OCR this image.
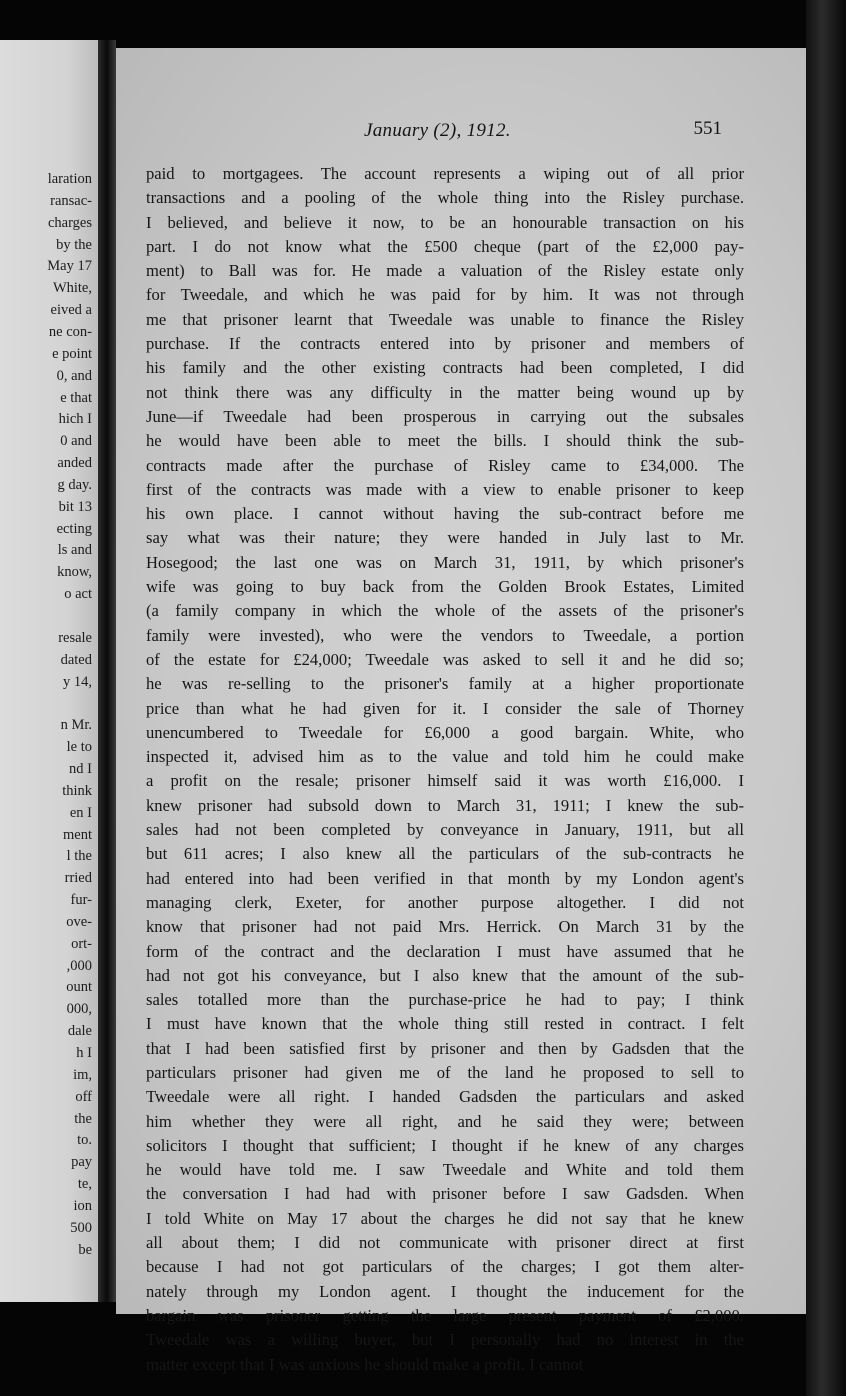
laration
ransac-
charges
by the
May 17
White,
eived a
ne con-
e point
0, and
e that
hich I
0 and
anded
g day.
bit 13
ecting
ls and
know,
o act
resale
dated
y 14,
n Mr.
le to
nd I
think
en I
ment
l the
rried
fur-
ove-
ort-
,000
ount
000,
dale
h I
im,
off
the
to.
pay
te,
ion
500
be
January (2), 1912.	551
paid to mortgagees. The account represents a wiping out of all prior
transactions and a pooling of the whole thing into the Risley purchase.
I believed, and believe it now, to be an honourable transaction on his
part. I do not know what the £500 cheque (part of the £2,000 pay-
ment) to Ball was for. He made a valuation of the Risley estate only
for Tweedale, and which he was paid for by him. It was not through
me that prisoner learnt that Tweedale was unable to finance the Risley
purchase. If the contracts entered into by prisoner and members of
his family and the other existing contracts had been completed, I did
not think there was any difficulty in the matter being wound up by
June—if Tweedale had been prosperous in carrying out the subsales
he would have been able to meet the bills. I should think the sub-
contracts made after the purchase of Risley came to £34,000. The
first of the contracts was made with a view to enable prisoner to keep
his own place. I cannot without having the sub-contract before me
say what was their nature; they were handed in July last to Mr.
Hosegood; the last one was on March 31, 1911, by which prisoner's
wife was going to buy back from the Golden Brook Estates, Limited
(a family company in which the whole of the assets of the prisoner's
family were invested), who were the vendors to Tweedale, a portion
of the estate for £24,000; Tweedale was asked to sell it and he did so;
he was re-selling to the prisoner's family at a higher proportionate
price than what he had given for it. I consider the sale of Thorney
unencumbered to Tweedale for £6,000 a good bargain. White, who
inspected it, advised him as to the value and told him he could make
a profit on the resale; prisoner himself said it was worth £16,000. I
knew prisoner had subsold down to March 31, 1911; I knew the sub-
sales had not been completed by conveyance in January, 1911, but all
but 611 acres; I also knew all the particulars of the sub-contracts he
had entered into had been verified in that month by my London agent's
managing clerk, Exeter, for another purpose altogether. I did not
know that prisoner had not paid Mrs. Herrick. On March 31 by the
form of the contract and the declaration I must have assumed that he
had not got his conveyance, but I also knew that the amount of the sub-
sales totalled more than the purchase-price he had to pay; I think
I must have known that the whole thing still rested in contract. I felt
that I had been satisfied first by prisoner and then by Gadsden that the
particulars prisoner had given me of the land he proposed to sell to
Tweedale were all right. I handed Gadsden the particulars and asked
him whether they were all right, and he said they were; between
solicitors I thought that sufficient; I thought if he knew of any charges
he would have told me. I saw Tweedale and White and told them
the conversation I had had with prisoner before I saw Gadsden. When
I told White on May 17 about the charges he did not say that he knew
all about them; I did not communicate with prisoner direct at first
because I had not got particulars of the charges; I got them alter-
nately through my London agent. I thought the inducement for the
bargain was prisoner getting the large present payment of £2,000.
Tweedale was a willing buyer, but I personally had no interest in the
matter except that I was anxious he should make a profit. I cannot
